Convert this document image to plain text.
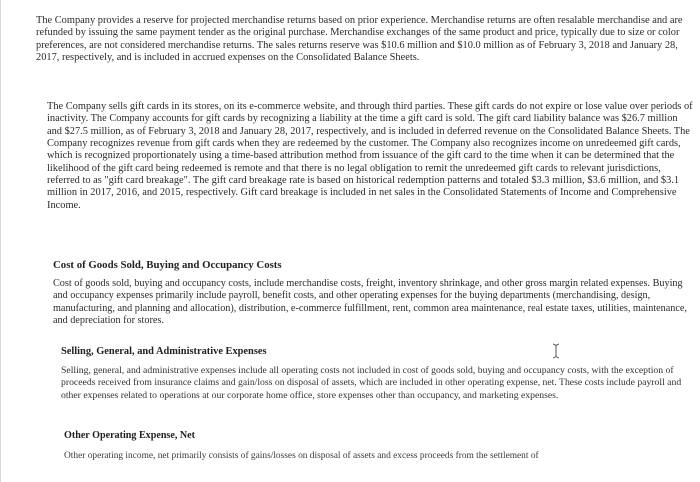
The Company provides a reserve for projected merchandise returns based on prior experience. Merchandise returns are often resalable merchandise and are refunded by issuing the same payment tender as the original purchase. Merchandise exchanges of the same product and price, typically due to size or color preferences, are not considered merchandise returns. The sales returns reserve was $10.6 million and $10.0 million as of February 3, 2018 and January 28, 2017, respectively, and is included in accrued expenses on the Consolidated Balance Sheets.

The Company sells gift cards in its stores, on its e-commerce website, and through third parties. These gift cards do not expire or lose value over periods of inactivity. The Company accounts for gift cards by recognizing a liability at the time a gift card is sold. The gift card liability balance was $26.7 million and $27.5 million, as of February 3, 2018 and January 28, 2017, respectively, and is included in deferred revenue on the Consolidated Balance Sheets. The Company recognizes revenue from gift cards when they are redeemed by the customer. The Company also recognizes income on unredeemed gift cards, which is recognized proportionately using a time-based attribution method from issuance of the gift card to the time when it can be determined that the likelihood of the gift card being redeemed is remote and that there is no legal obligation to remit the unredeemed gift cards to relevant jurisdictions, referred to as "gift card breakage". The gift card breakage rate is based on historical redemption patterns and totaled $3.3 million, $3.6 million, and $3.1 million in 2017, 2016, and 2015, respectively. Gift card breakage is included in net sales in the Consolidated Statements of Income and Comprehensive Income.

Cost of Goods Sold, Buying and Occupancy Costs

Cost of goods sold, buying and occupancy costs, include merchandise costs, freight, inventory shrinkage, and other gross margin related expenses. Buying and occupancy expenses primarily include payroll, benefit costs, and other operating expenses for the buying departments (merchandising, design, manufacturing, and planning and allocation), distribution, e-commerce fulfillment, rent, common area maintenance, real estate taxes, utilities, maintenance, and depreciation for stores.

Selling, General, and Administrative Expenses

Selling, general, and administrative expenses include all operating costs not included in cost of goods sold, buying and occupancy costs, with the exception of proceeds received from insurance claims and gain/loss on disposal of assets, which are included in other operating expense, net. These costs include payroll and other expenses related to operations at our corporate home office, store expenses other than occupancy, and marketing expenses.

Other Operating Expense, Net

Other operating income, net primarily consists of gains/losses on disposal of assets and excess proceeds from the settlement of
